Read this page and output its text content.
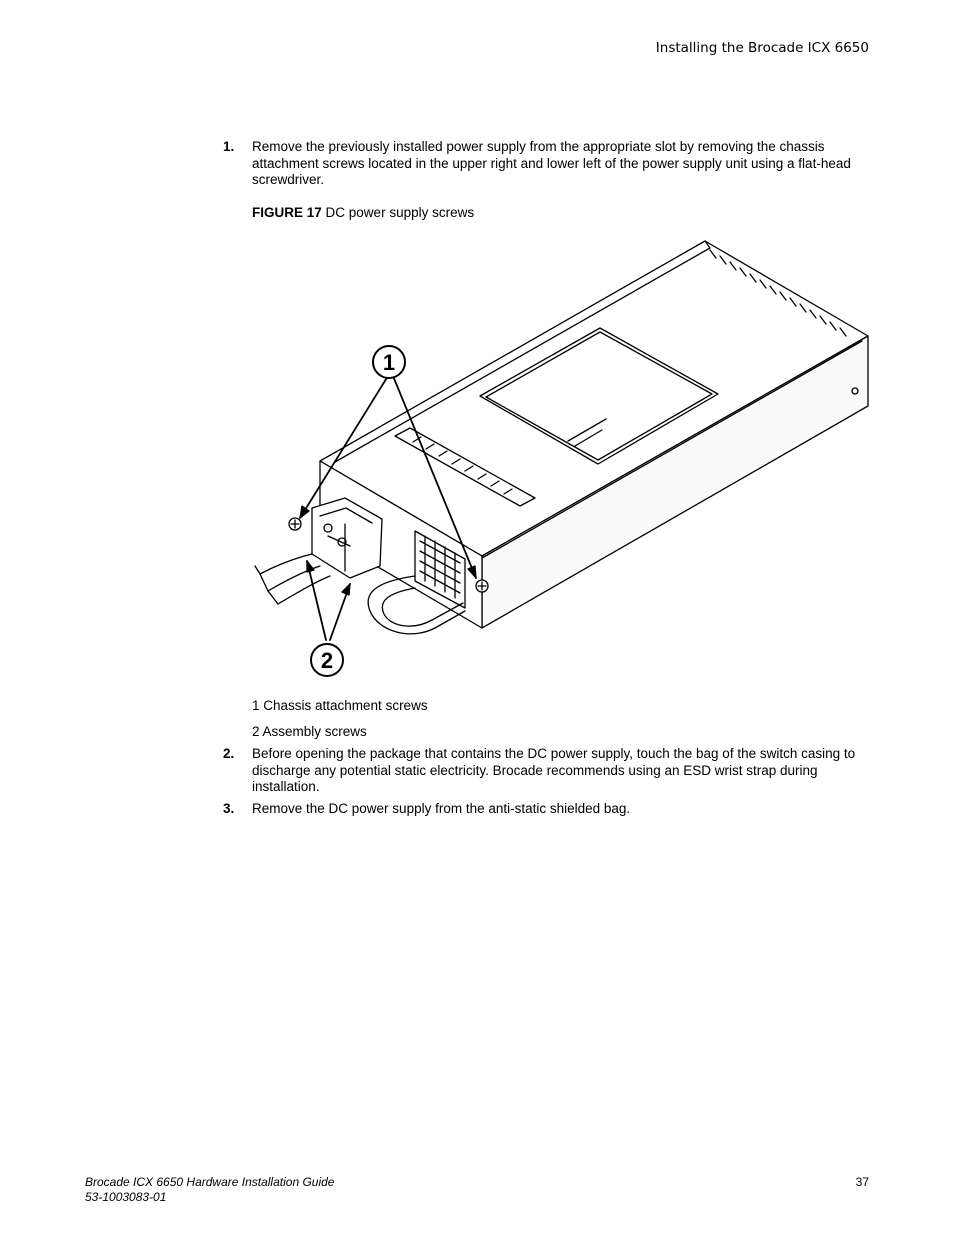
Installing the Brocade ICX 6650
1. Remove the previously installed power supply from the appropriate slot by removing the chassis attachment screws located in the upper right and lower left of the power supply unit using a flat-head screwdriver.
FIGURE 17 DC power supply screws
1
2
1 Chassis attachment screws
2 Assembly screws
2. Before opening the package that contains the DC power supply, touch the bag of the switch casing to discharge any potential static electricity. Brocade recommends using an ESD wrist strap during installation.
3. Remove the DC power supply from the anti-static shielded bag.
Brocade ICX 6650 Hardware Installation Guide
53-1003083-01
37
